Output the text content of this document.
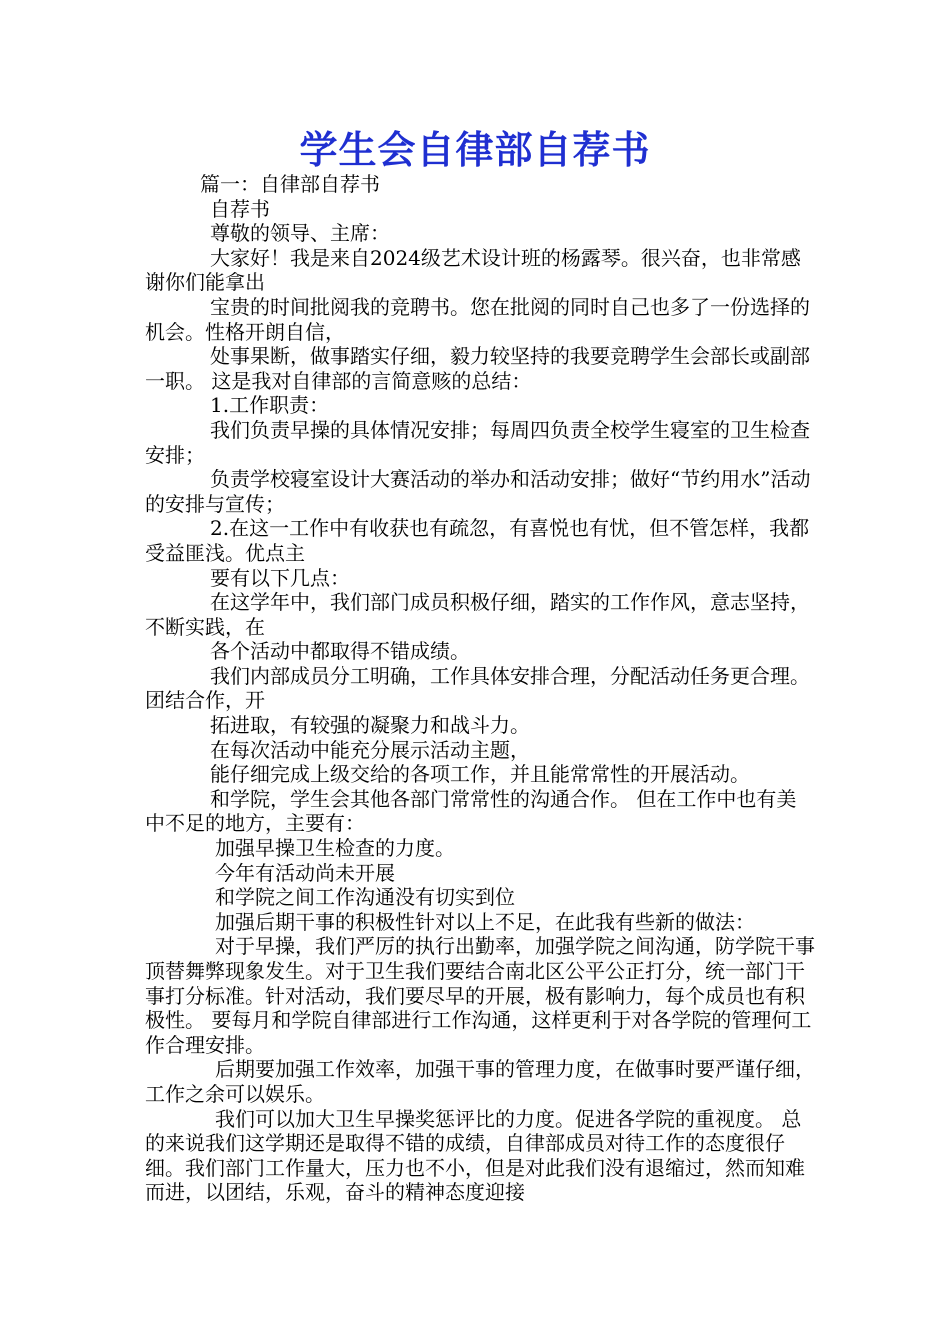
学生会自律部自荐书

篇一：自律部自荐书

自荐书

尊敬的领导、主席：

大家好！我是来自2024级艺术设计班的杨露琴。很兴奋，也非常感谢你们能拿出

宝贵的时间批阅我的竞聘书。您在批阅的同时自己也多了一份选择的机会。性格开朗自信，

处事果断，做事踏实仔细，毅力较坚持的我要竞聘学生会部长或副部一职。 这是我对自律部的言简意赅的总结：

1.工作职责：

我们负责早操的具体情况安排；每周四负责全校学生寝室的卫生检查安排；

负责学校寝室设计大赛活动的举办和活动安排；做好“节约用水”活动的安排与宣传；

2.在这一工作中有收获也有疏忽，有喜悦也有忧，但不管怎样，我都受益匪浅。优点主

要有以下几点：

在这学年中，我们部门成员积极仔细，踏实的工作作风，意志坚持，不断实践，在

各个活动中都取得不错成绩。

我们内部成员分工明确，工作具体安排合理，分配活动任务更合理。团结合作，开

拓进取，有较强的凝聚力和战斗力。

在每次活动中能充分展示活动主题，

能仔细完成上级交给的各项工作，并且能常常性的开展活动。

和学院，学生会其他各部门常常性的沟通合作。 但在工作中也有美中不足的地方，主要有：

加强早操卫生检查的力度。

今年有活动尚未开展

和学院之间工作沟通没有切实到位

加强后期干事的积极性针对以上不足，在此我有些新的做法：

对于早操，我们严厉的执行出勤率，加强学院之间沟通，防学院干事顶替舞弊现象发生。对于卫生我们要结合南北区公平公正打分，统一部门干事打分标准。针对活动，我们要尽早的开展，极有影响力，每个成员也有积极性。 要每月和学院自律部进行工作沟通，这样更利于对各学院的管理何工作合理安排。

后期要加强工作效率，加强干事的管理力度，在做事时要严谨仔细， 工作之余可以娱乐。

我们可以加大卫生早操奖惩评比的力度。促进各学院的重视度。 总的来说我们这学期还是取得不错的成绩，自律部成员对待工作的态度很仔细。我们部门工作量大，压力也不小，但是对此我们没有退缩过，然而知难而进，以团结，乐观，奋斗的精神态度迎接
